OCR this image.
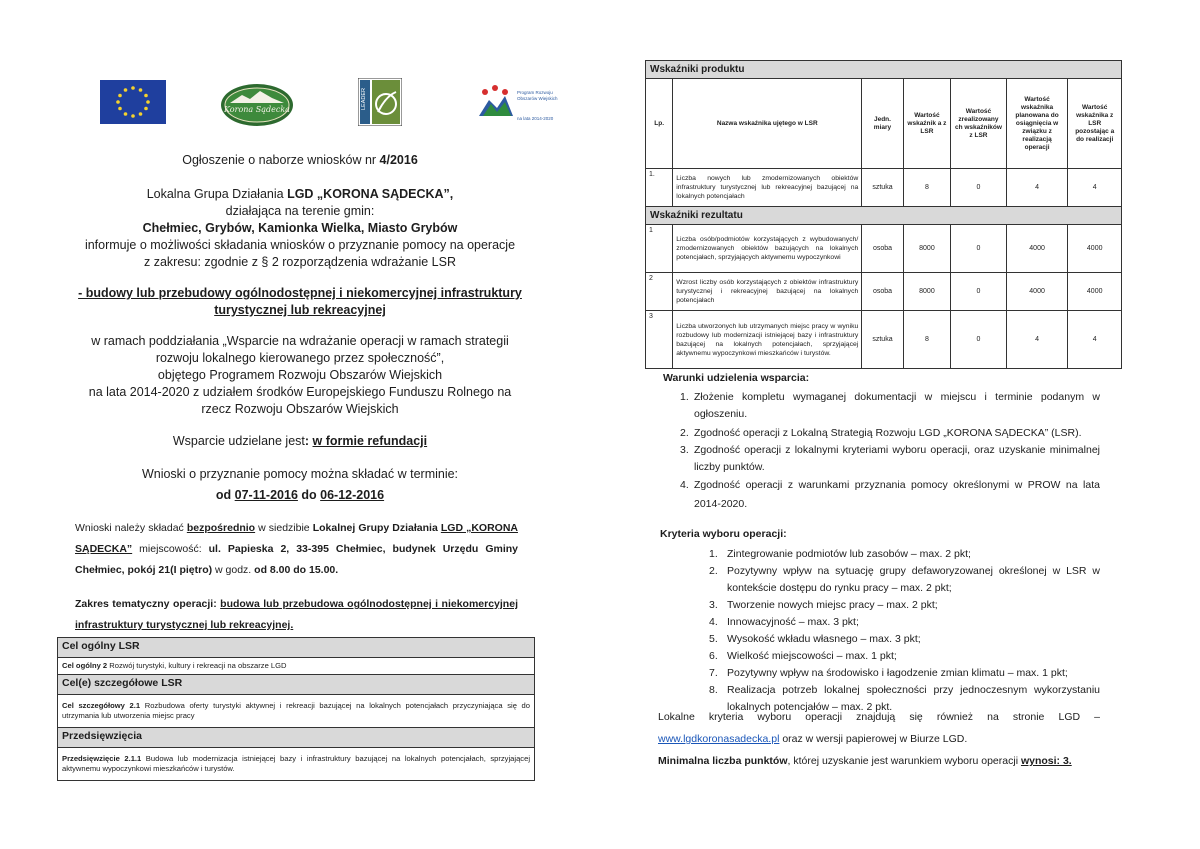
Korona Sądecka	LEADER	Program Rozwoju Obszarów Wiejskich
na lata 2014-2020
Ogłoszenie o naborze wniosków nr 4/2016
Lokalna Grupa Działania LGD „KORONA SĄDECKA”,
działająca na terenie gmin:
Chełmiec, Grybów, Kamionka Wielka, Miasto Grybów
informuje o możliwości składania wniosków o przyznanie pomocy na operacje
z zakresu: zgodnie z § 2 rozporządzenia wdrażanie LSR
- budowy lub przebudowy ogólnodostępnej i niekomercyjnej infrastruktury
turystycznej lub rekreacyjnej
w ramach poddziałania „Wsparcie na wdrażanie operacji w ramach strategii
rozwoju lokalnego kierowanego przez społeczność”,
objętego Programem Rozwoju Obszarów Wiejskich
na lata 2014-2020 z udziałem środków Europejskiego Funduszu Rolnego na
rzecz Rozwoju Obszarów Wiejskich
Wsparcie udzielane jest: w formie refundacji
Wnioski o przyznanie pomocy można składać w terminie:
od 07-11-2016 do 06-12-2016
Wnioski należy składać bezpośrednio w siedzibie Lokalnej Grupy Działania LGD „KORONA SĄDECKA” miejscowość: ul. Papieska 2, 33-395 Chełmiec, budynek Urzędu Gminy Chełmiec, pokój 21(I piętro) w godz. od 8.00 do 15.00.
Zakres tematyczny operacji: budowa lub przebudowa ogólnodostępnej i niekomercyjnej infrastruktury turystycznej lub rekreacyjnej.
Cel ogólny LSR
Cel ogólny 2 Rozwój turystyki, kultury i rekreacji na obszarze LGD
Cel(e) szczegółowe LSR
Cel szczegółowy 2.1 Rozbudowa oferty turystyki aktywnej i rekreacji bazującej na lokalnych potencjałach przyczyniająca się do utrzymania lub utworzenia miejsc pracy
Przedsięwzięcia
Przedsięwzięcie 2.1.1 Budowa lub modernizacja istniejącej bazy i infrastruktury bazującej na lokalnych potencjałach, sprzyjającej aktywnemu wypoczynkowi mieszkańców i turystów.
Wskaźniki produktu						
Lp.	Nazwa wskaźnika ujętego w LSR	Jedn. miary	Wartość wskaźnik a z LSR	Wartość zrealizowany ch wskaźników z LSR	Wartość wskaźnika planowana do osiągnięcia w związku z realizacją operacji	Wartość wskaźnika z LSR pozostając a do realizacji
1.	Liczba nowych lub zmodernizowanych obiektów infrastruktury turystycznej lub rekreacyjnej bazującej na lokalnych potencjałach	sztuka	8	0	4	4
Wskaźniki rezultatu						
1	Liczba osób/podmiotów korzystających z wybudowanych/ zmodernizowanych obiektów bazujących na lokalnych potencjałach, sprzyjających aktywnemu wypoczynkowi	osoba	8000	0	4000	4000
2	Wzrost liczby osób korzystających z obiektów infrastruktury turystycznej i rekreacyjnej bazującej na lokalnych potencjałach	osoba	8000	0	4000	4000
3	Liczba utworzonych lub utrzymanych miejsc pracy w wyniku rozbudowy lub modernizacji istniejącej bazy i infrastruktury bazującej na lokalnych potencjałach, sprzyjającej aktywnemu wypoczynkowi mieszkańców i turystów.	sztuka	8	0	4	4
Warunki udzielenia wsparcia:
1. Złożenie kompletu wymaganej dokumentacji w miejscu i terminie podanym w ogłoszeniu.
2. Zgodność operacji z Lokalną Strategią Rozwoju LGD „KORONA SĄDECKA” (LSR).
3. Zgodność operacji z lokalnymi kryteriami wyboru operacji, oraz uzyskanie minimalnej liczby punktów.
4. Zgodność operacji z warunkami przyznania pomocy określonymi w PROW na lata 2014-2020.
Kryteria wyboru operacji:
1. Zintegrowanie podmiotów lub zasobów – max. 2 pkt;
2. Pozytywny wpływ na sytuację grupy defaworyzowanej określonej w LSR w kontekście dostępu do rynku pracy – max. 2 pkt;
3. Tworzenie nowych miejsc pracy – max. 2 pkt;
4. Innowacyjność – max. 3 pkt;
5. Wysokość wkładu własnego – max. 3 pkt;
6. Wielkość miejscowości – max. 1 pkt;
7. Pozytywny wpływ na środowisko i łagodzenie zmian klimatu – max. 1 pkt;
8. Realizacja potrzeb lokalnej społeczności przy jednoczesnym wykorzystaniu lokalnych potencjałów – max. 2 pkt.
Lokalne kryteria wyboru operacji znajdują się również na stronie LGD –
www.lgdkoronasadecka.pl oraz w wersji papierowej w Biurze LGD.
Minimalna liczba punktów, której uzyskanie jest warunkiem wyboru operacji wynosi: 3.
